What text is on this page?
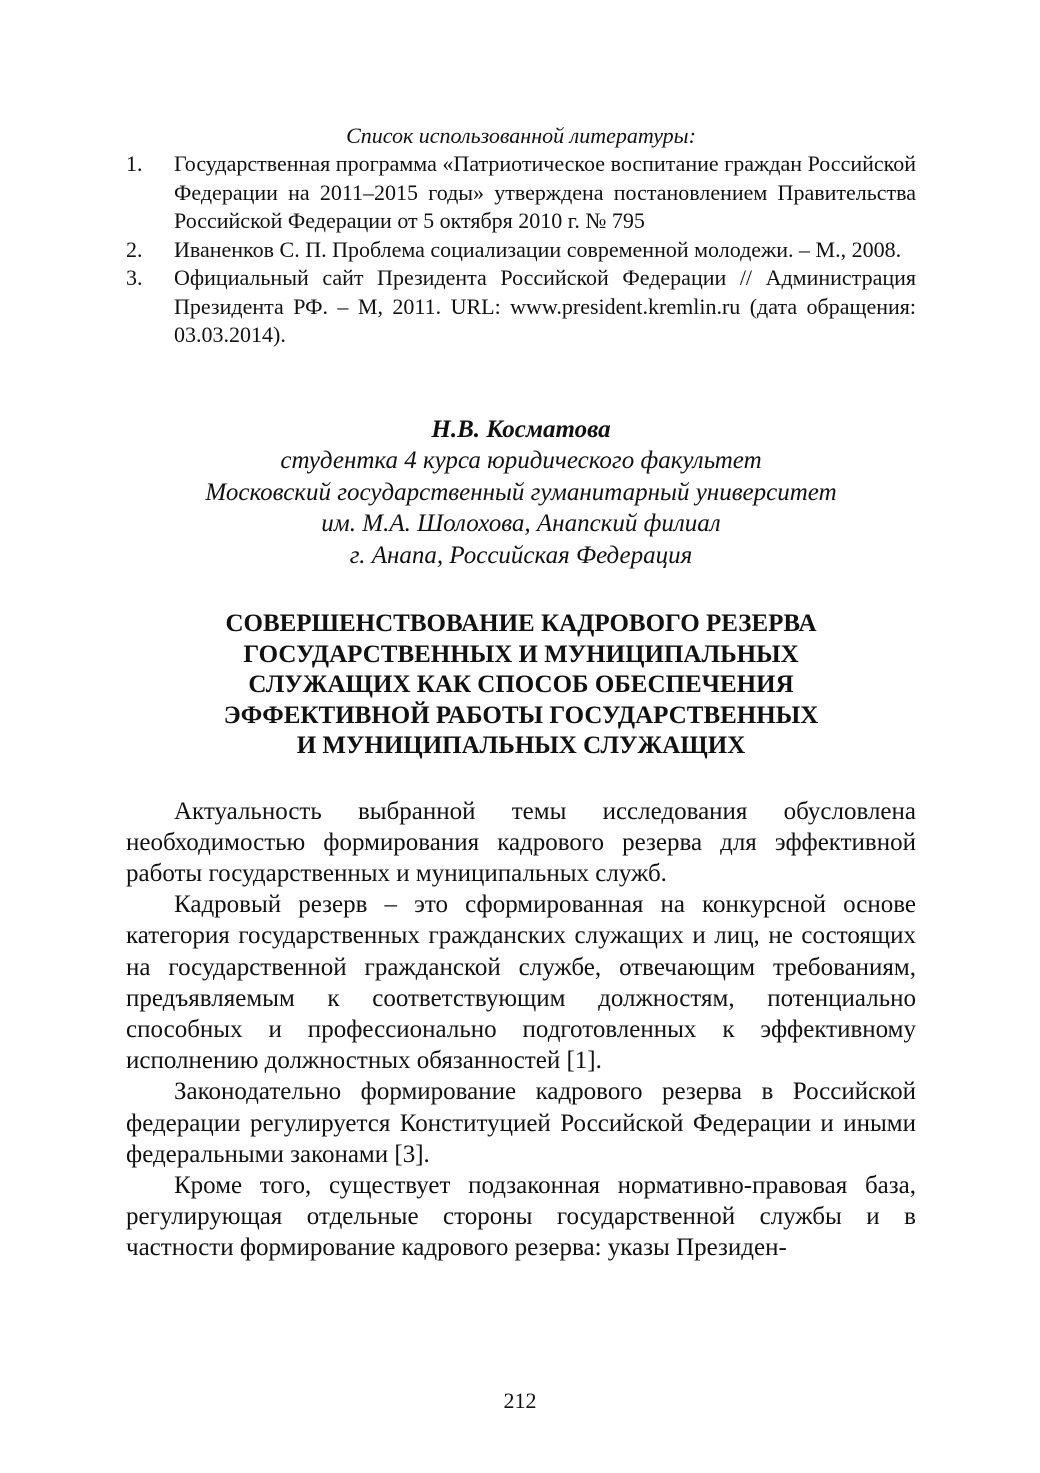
Список использованной литературы:
1.	Государственная программа «Патриотическое воспитание граждан Российской Федерации на 2011–2015 годы» утверждена постановлением Правительства Российской Федерации от 5 октября 2010 г. № 795
2.	Иваненков С. П. Проблема социализации современной молодежи. – М., 2008.
3.	Официальный сайт Президента Российской Федерации // Администрация Президента РФ. – М, 2011. URL: www.president.kremlin.ru (дата обращения: 03.03.2014).
Н.В. Косматова
студентка 4 курса юридического факультет
Московский государственный гуманитарный университет
им. М.А. Шолохова, Анапский филиал
г. Анапа, Российская Федерация
СОВЕРШЕНСТВОВАНИЕ КАДРОВОГО РЕЗЕРВА
ГОСУДАРСТВЕННЫХ И МУНИЦИПАЛЬНЫХ
СЛУЖАЩИХ КАК СПОСОБ ОБЕСПЕЧЕНИЯ
ЭФФЕКТИВНОЙ РАБОТЫ ГОСУДАРСТВЕННЫХ
И МУНИЦИПАЛЬНЫХ СЛУЖАЩИХ

Актуальность выбранной темы исследования обусловлена необходимостью формирования кадрового резерва для эффективной работы государственных и муниципальных служб.

Кадровый резерв – это сформированная на конкурсной основе категория государственных гражданских служащих и лиц, не состоящих на государственной гражданской службе, отвечающим требованиям, предъявляемым к соответствующим должностям, потенциально способных и профессионально подготовленных к эффективному исполнению должностных обязанностей [1].

Законодательно формирование кадрового резерва в Российской федерации регулируется Конституцией Российской Федерации и иными федеральными законами [3].

Кроме того, существует подзаконная нормативно-правовая база, регулирующая отдельные стороны государственной службы и в частности формирование кадрового резерва: указы Президен-

212
